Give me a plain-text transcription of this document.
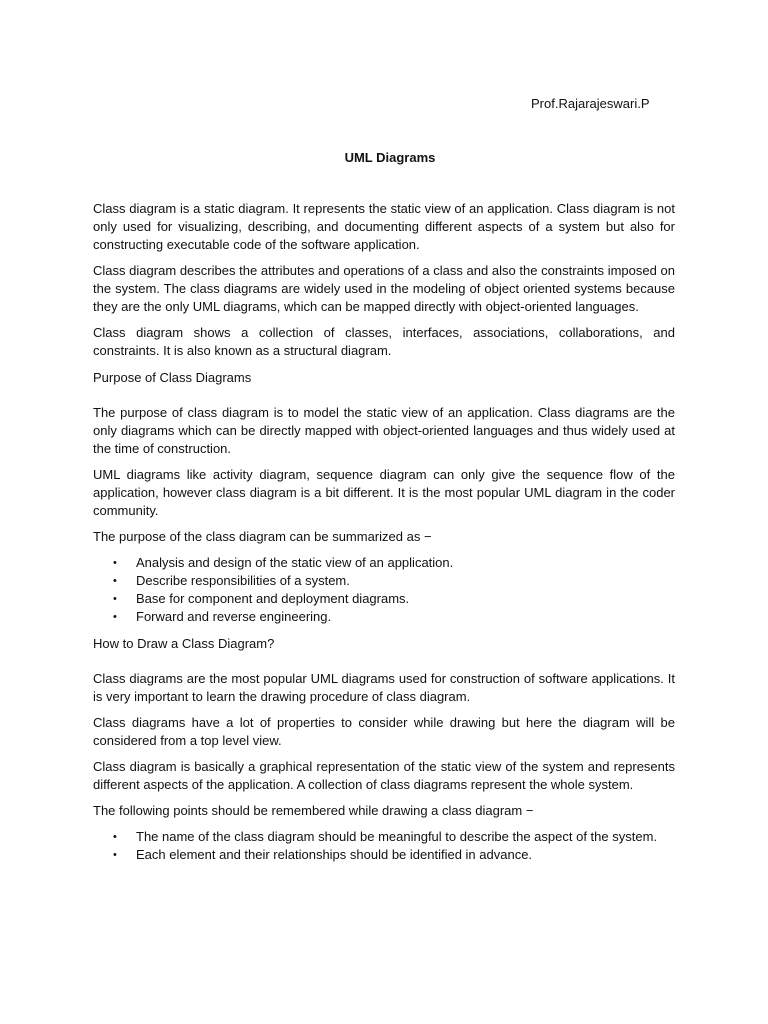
Prof.Rajarajeswari.P
UML Diagrams

Class diagram is a static diagram. It represents the static view of an application. Class diagram is not only used for visualizing, describing, and documenting different aspects of a system but also for constructing executable code of the software application.

Class diagram describes the attributes and operations of a class and also the constraints imposed on the system. The class diagrams are widely used in the modeling of object oriented systems because they are the only UML diagrams, which can be mapped directly with object-oriented languages.

Class diagram shows a collection of classes, interfaces, associations, collaborations, and constraints. It is also known as a structural diagram.

Purpose of Class Diagrams

The purpose of class diagram is to model the static view of an application. Class diagrams are the only diagrams which can be directly mapped with object-oriented languages and thus widely used at the time of construction.

UML diagrams like activity diagram, sequence diagram can only give the sequence flow of the application, however class diagram is a bit different. It is the most popular UML diagram in the coder community.

The purpose of the class diagram can be summarized as −

• Analysis and design of the static view of an application.
• Describe responsibilities of a system.
• Base for component and deployment diagrams.
• Forward and reverse engineering.

How to Draw a Class Diagram?

Class diagrams are the most popular UML diagrams used for construction of software applications. It is very important to learn the drawing procedure of class diagram.

Class diagrams have a lot of properties to consider while drawing but here the diagram will be considered from a top level view.

Class diagram is basically a graphical representation of the static view of the system and represents different aspects of the application. A collection of class diagrams represent the whole system.

The following points should be remembered while drawing a class diagram −

• The name of the class diagram should be meaningful to describe the aspect of the system.
• Each element and their relationships should be identified in advance.
